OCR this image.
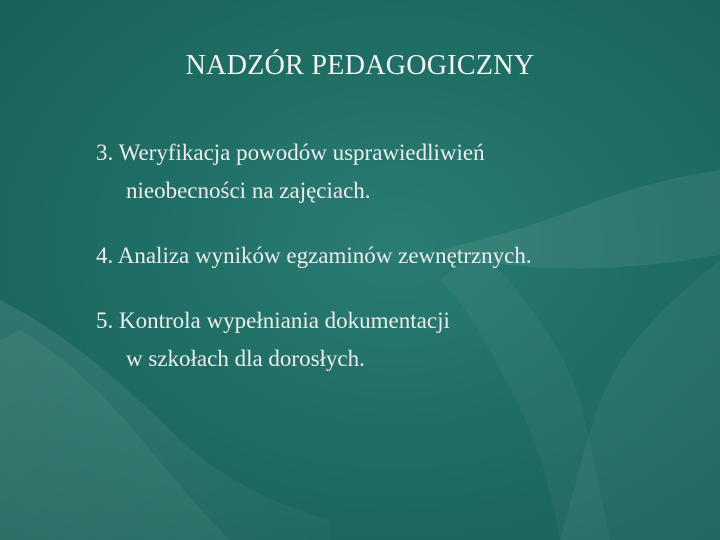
NADZÓR PEDAGOGICZNY
3. Weryfikacja powodów usprawiedliwień
nieobecności na zajęciach.
4. Analiza wyników egzaminów zewnętrznych.
5. Kontrola wypełniania dokumentacji
w szkołach dla dorosłych.
